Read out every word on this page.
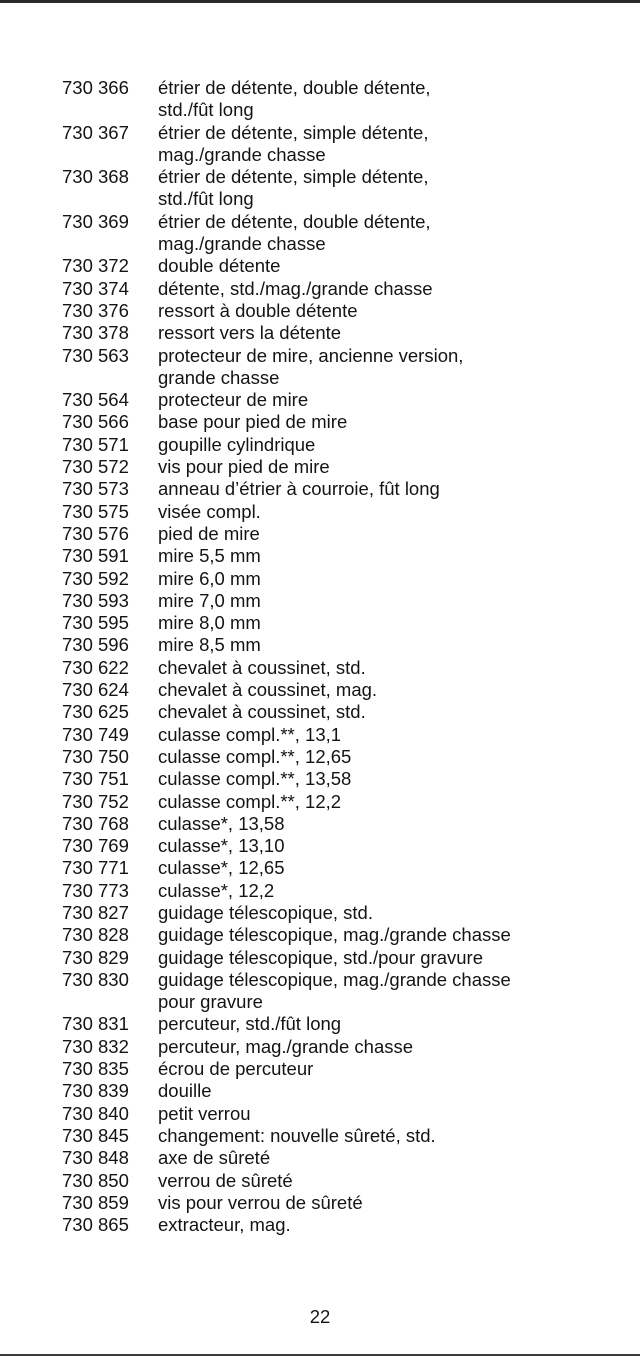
730 366	étrier de détente, double détente,
std./fût long
730 367	étrier de détente, simple détente,
mag./grande chasse
730 368	étrier de détente, simple détente,
std./fût long
730 369	étrier de détente, double détente,
mag./grande chasse
730 372	double détente
730 374	détente, std./mag./grande chasse
730 376	ressort à double détente
730 378	ressort vers la détente
730 563	protecteur de mire, ancienne version,
grande chasse
730 564	protecteur de mire
730 566	base pour pied de mire
730 571	goupille cylindrique
730 572	vis pour pied de mire
730 573	anneau d’étrier à courroie, fût long
730 575	visée compl.
730 576	pied de mire
730 591	mire 5,5 mm
730 592	mire 6,0 mm
730 593	mire 7,0 mm
730 595	mire 8,0 mm
730 596	mire 8,5 mm
730 622	chevalet à coussinet, std.
730 624	chevalet à coussinet, mag.
730 625	chevalet à coussinet, std.
730 749	culasse compl.**, 13,1
730 750	culasse compl.**, 12,65
730 751	culasse compl.**, 13,58
730 752	culasse compl.**, 12,2
730 768	culasse*, 13,58
730 769	culasse*, 13,10
730 771	culasse*, 12,65
730 773	culasse*, 12,2
730 827	guidage télescopique, std.
730 828	guidage télescopique, mag./grande chasse
730 829	guidage télescopique, std./pour gravure
730 830	guidage télescopique, mag./grande chasse
pour gravure
730 831	percuteur, std./fût long
730 832	percuteur, mag./grande chasse
730 835	écrou de percuteur
730 839	douille
730 840	petit verrou
730 845	changement: nouvelle sûreté, std.
730 848	axe de sûreté
730 850	verrou de sûreté
730 859	vis pour verrou de sûreté
730 865	extracteur, mag.
22
